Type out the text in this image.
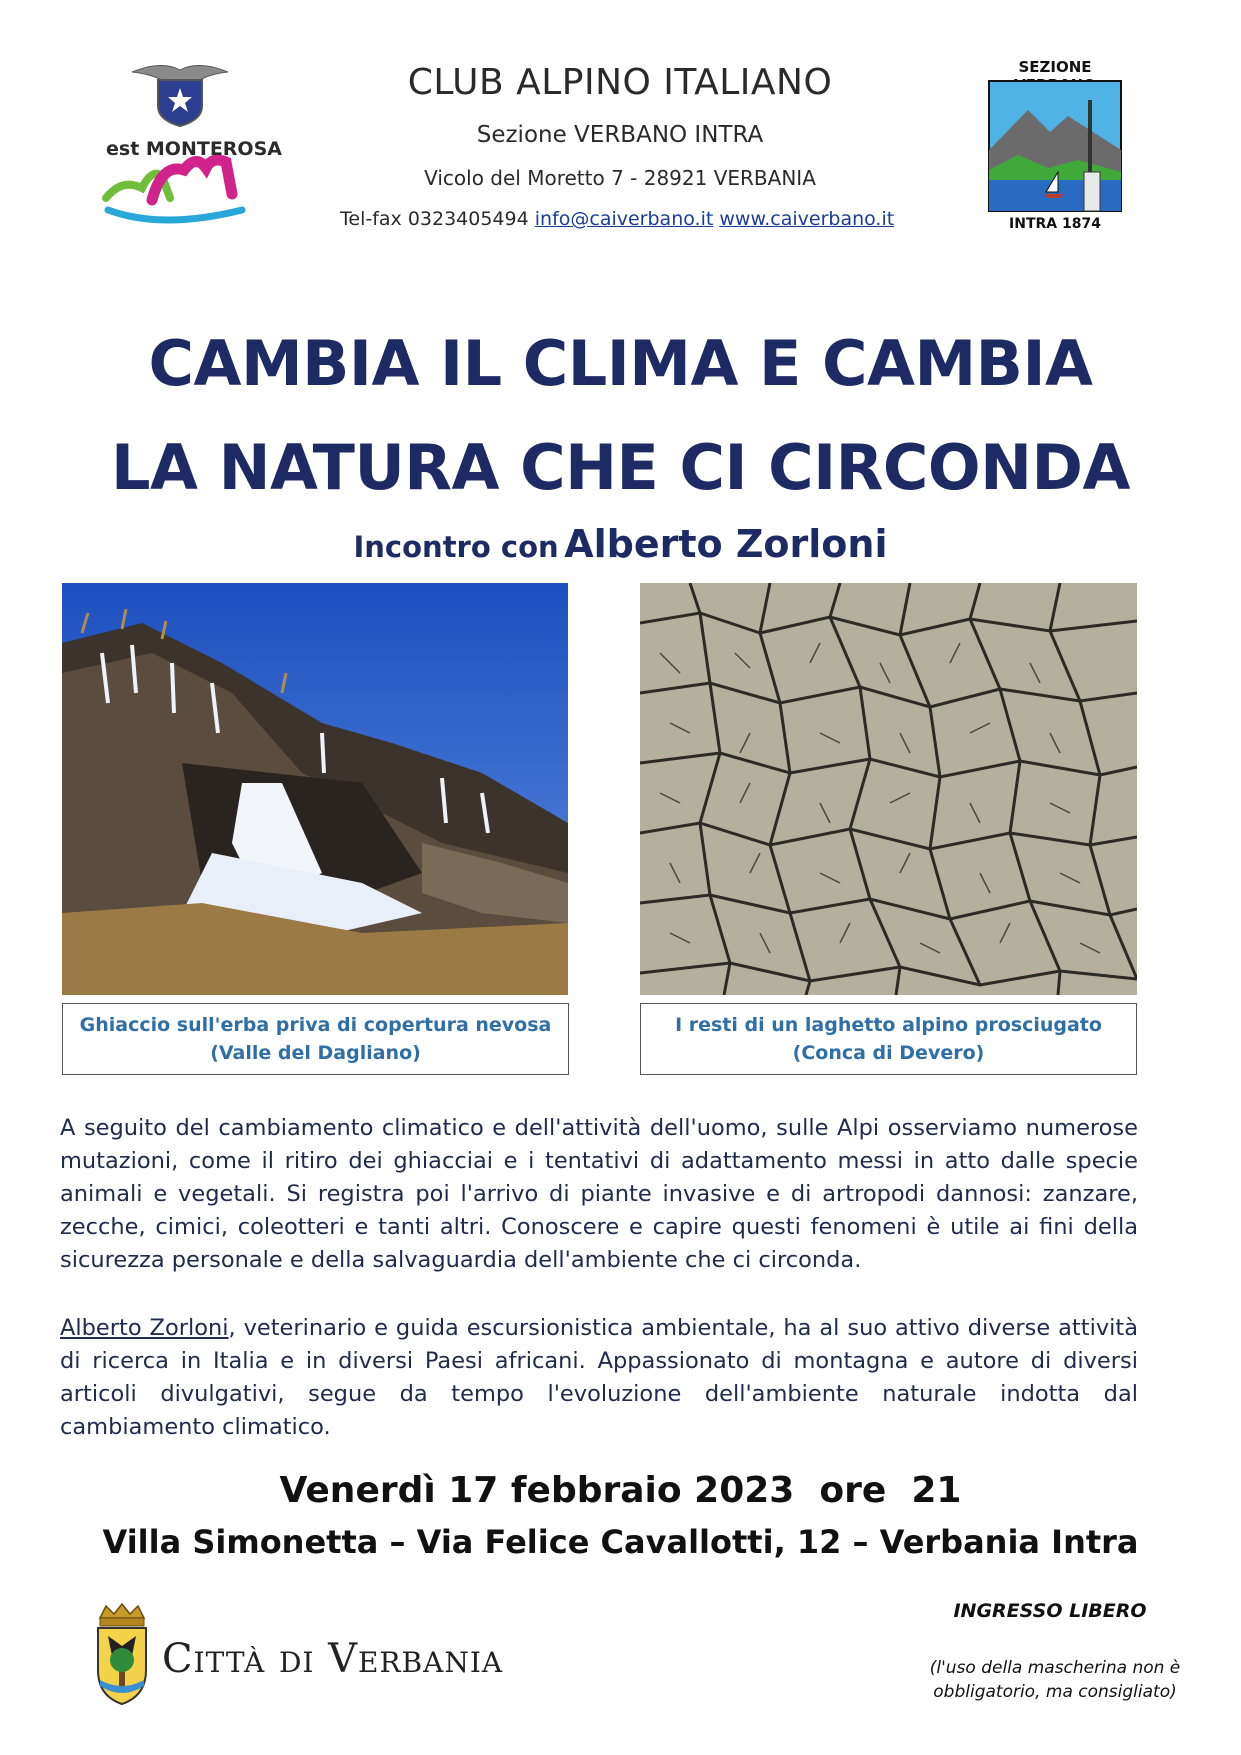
est MONTEROSA
CLUB ALPINO ITALIANO
Sezione VERBANO INTRA
Vicolo del Moretto 7 - 28921 VERBANIA
Tel-fax 0323405494 info@caiverbano.it www.caiverbano.it
SEZIONE
INTRA 1874
CAMBIA IL CLIMA E CAMBIA
LA NATURA CHE CI CIRCONDA
Incontro con Alberto Zorloni
Ghiaccio sull'erba priva di copertura nevosa
(Valle del Dagliano)
I resti di un laghetto alpino prosciugato
(Conca di Devero)
A seguito del cambiamento climatico e dell'attività dell'uomo, sulle Alpi osserviamo numerose mutazioni, come il ritiro dei ghiacciai e i tentativi di adattamento messi in atto dalle specie animali e vegetali. Si registra poi l'arrivo di piante invasive e di artropodi dannosi: zanzare, zecche, cimici, coleotteri e tanti altri. Conoscere e capire questi fenomeni è utile ai fini della sicurezza personale e della salvaguardia dell'ambiente che ci circonda.
Alberto Zorloni, veterinario e guida escursionistica ambientale, ha al suo attivo diverse attività di ricerca in Italia e in diversi Paesi africani. Appassionato di montagna e autore di diversi articoli divulgativi, segue da tempo l'evoluzione dell'ambiente naturale indotta dal cambiamento climatico.
Venerdì 17 febbraio 2023  ore  21
Villa Simonetta – Via Felice Cavallotti, 12 – Verbania Intra
Città di Verbania
INGRESSO LIBERO
(l'uso della mascherina non è obbligatorio, ma consigliato)
